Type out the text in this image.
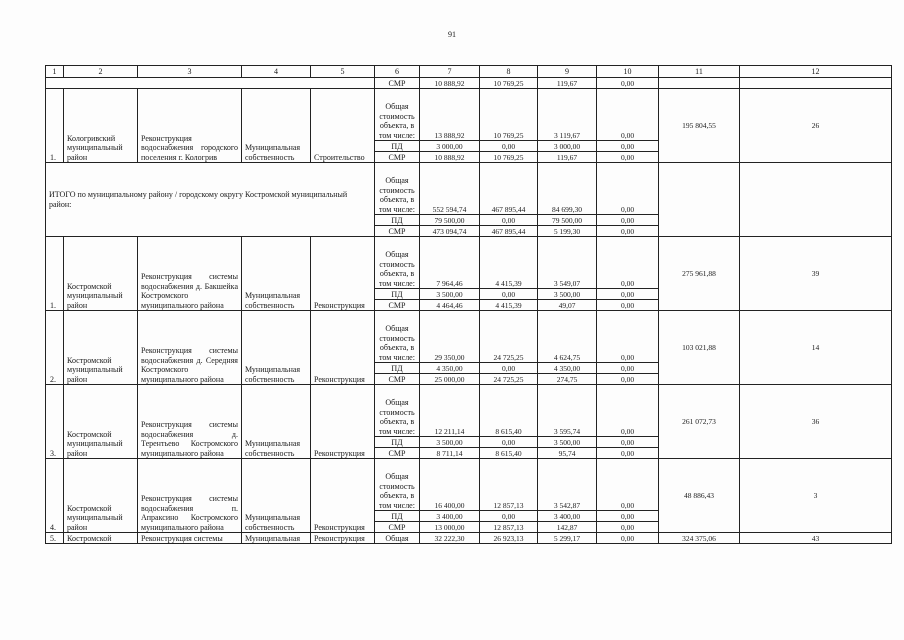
91
1	2	3	4	5	6	7	8	9	10	11	12
					СМР	10 888,92	10 769,25	119,67	0,00		
1.	Кологривский муниципальный район	Реконструкция водоснабжения городского поселения г. Кологрив	Муниципальная собственность	Строительство	Общая стоимость объекта, в том числе:	13 888,92	10 769,25	3 119,67	0,00	195 804,55	26
					ПД	3 000,00	0,00	3 000,00	0,00		
					СМР	10 888,92	10 769,25	119,67	0,00		
ИТОГО по муниципальному району / городскому округу Костромской муниципальный район:					Общая стоимость объекта, в том числе:	552 594,74	467 895,44	84 699,30	0,00		
					ПД	79 500,00	0,00	79 500,00	0,00		
					СМР	473 094,74	467 895,44	5 199,30	0,00		
1.	Костромской муниципальный район	Реконструкция системы водоснабжения д. Бакшейка Костромского муниципального района	Муниципальная собственность	Реконструкция	Общая стоимость объекта, в том числе:	7 964,46	4 415,39	3 549,07	0,00	275 961,88	39
					ПД	3 500,00	0,00	3 500,00	0,00		
					СМР	4 464,46	4 415,39	49,07	0,00		
2.	Костромской муниципальный район	Реконструкция системы водоснабжения д. Середняя Костромского муниципального района	Муниципальная собственность	Реконструкция	Общая стоимость объекта, в том числе:	29 350,00	24 725,25	4 624,75	0,00	103 021,88	14
					ПД	4 350,00	0,00	4 350,00	0,00		
					СМР	25 000,00	24 725,25	274,75	0,00		
3.	Костромской муниципальный район	Реконструкция системы водоснабжения д. Терентьево Костромского муниципального района	Муниципальная собственность	Реконструкция	Общая стоимость объекта, в том числе:	12 211,14	8 615,40	3 595,74	0,00	261 072,73	36
					ПД	3 500,00	0,00	3 500,00	0,00		
					СМР	8 711,14	8 615,40	95,74	0,00		
4.	Костромской муниципальный район	Реконструкция системы водоснабжения п. Апраксино Костромского муниципального района	Муниципальная собственность	Реконструкция	Общая стоимость объекта, в том числе:	16 400,00	12 857,13	3 542,87	0,00	48 886,43	3
					ПД	3 400,00	0,00	3 400,00	0,00		
					СМР	13 000,00	12 857,13	142,87	0,00		
5.	Костромской	Реконструкция системы	Муниципальная	Реконструкция	Общая	32 222,30	26 923,13	5 299,17	0,00	324 375,06	43
